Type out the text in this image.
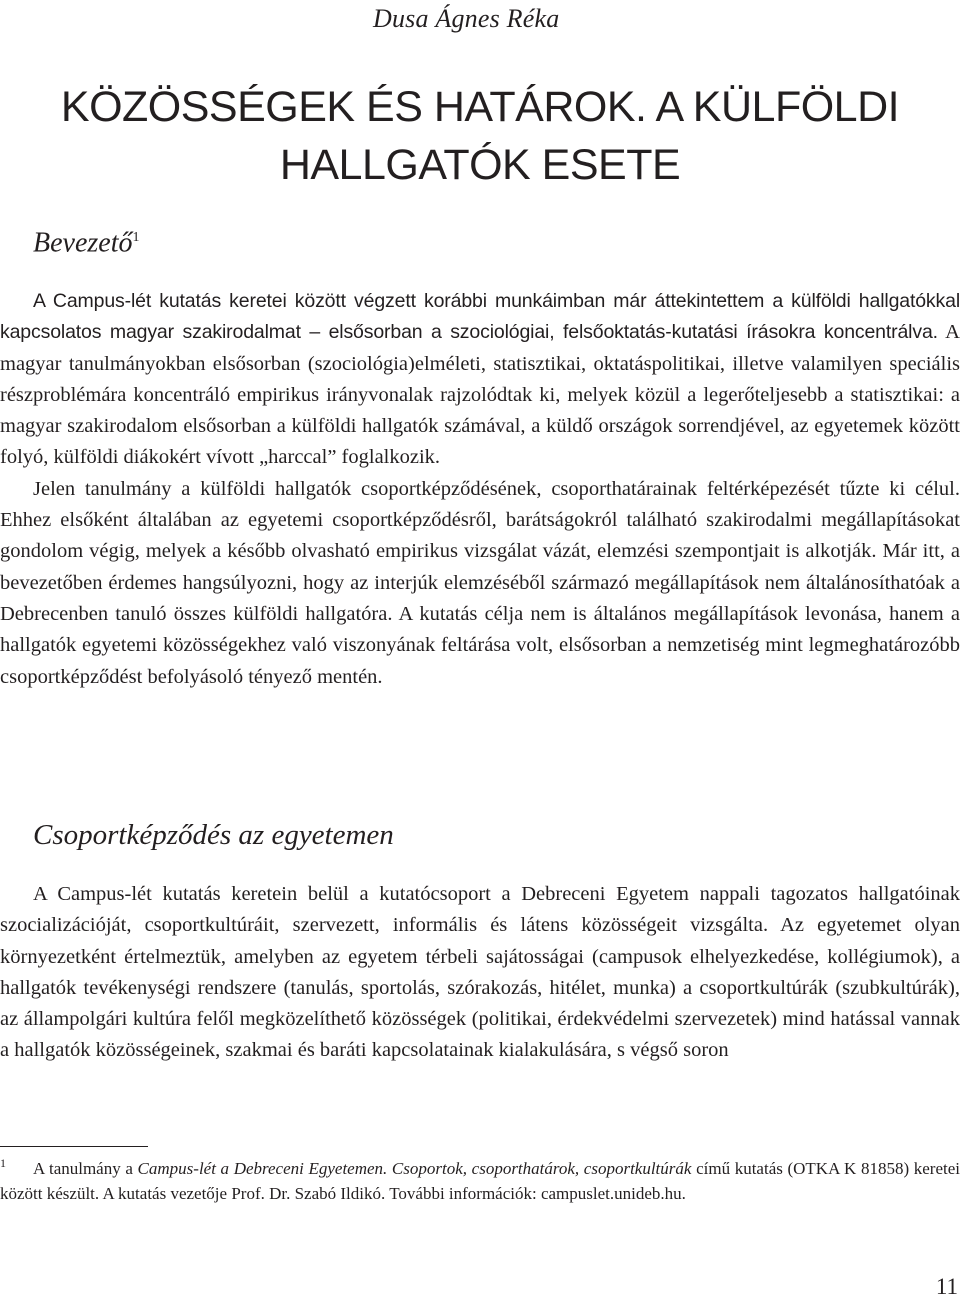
Dusa Ágnes Réka
KÖZÖSSÉGEK ÉS HATÁROK. A KÜLFÖLDI
HALLGATÓK ESETE
Bevezető$^1$

A Campus-lét kutatás keretei között végzett korábbi munkáimban már áttekintettem a külföldi hallgatókkal kapcsolatos magyar szakirodalmat – elsősorban a szociológiai, felsőoktatás-kutatási írásokra koncentrálva. A magyar tanulmányokban elsősorban (szociológia)elméleti, statisztikai, oktatáspolitikai, illetve valamilyen speciális részproblémára koncentráló empirikus irányvonalak rajzolódtak ki, melyek közül a legerőteljesebb a statisztikai: a magyar szakirodalom elsősorban a külföldi hallgatók számával, a küldő országok sorrendjével, az egyetemek között folyó, külföldi diákokért vívott „harccal” foglalkozik.
Jelen tanulmány a külföldi hallgatók csoportképződésének, csoporthatárainak feltérképezését tűzte ki célul. Ehhez elsőként általában az egyetemi csoportképződésről, barátságokról található szakirodalmi megállapításokat gondolom végig, melyek a később olvasható empirikus vizsgálat vázát, elemzési szempontjait is alkotják. Már itt, a bevezetőben érdemes hangsúlyozni, hogy az interjúk elemzéséből származó megállapítások nem általánosíthatóak a Debrecenben tanuló összes külföldi hallgatóra. A kutatás célja nem is általános megállapítások levonása, hanem a hallgatók egyetemi közösségekhez való viszonyának feltárása volt, elsősorban a nemzetiség mint legmeghatározóbb csoportképződést befolyásoló tényező mentén.

Csoportképződés az egyetemen

A Campus-lét kutatás keretein belül a kutatócsoport a Debreceni Egyetem nappali tagozatos hallgatóinak szocializációját, csoportkultúráit, szervezett, informális és látens közösségeit vizsgálta. Az egyetemet olyan környezetként értelmeztük, amelyben az egyetem térbeli sajátosságai (campusok elhelyezkedése, kollégiumok), a hallgatók tevékenységi rendszere (tanulás, sportolás, szórakozás, hitélet, munka) a csoportkultúrák (szubkultúrák), az állampolgári kultúra felől megközelíthető közösségek (politikai, érdekvédelmi szervezetek) mind hatással vannak a hallgatók közösségeinek, szakmai és baráti kapcsolatainak kialakulására, s végső soron

1 A tanulmány a Campus-lét a Debreceni Egyetemen. Csoportok, csoporthatárok, csoportkultúrák című kutatás (OTKA K 81858) keretei között készült. A kutatás vezetője Prof. Dr. Szabó Ildikó. További információk: campuslet.unideb.hu.

11
